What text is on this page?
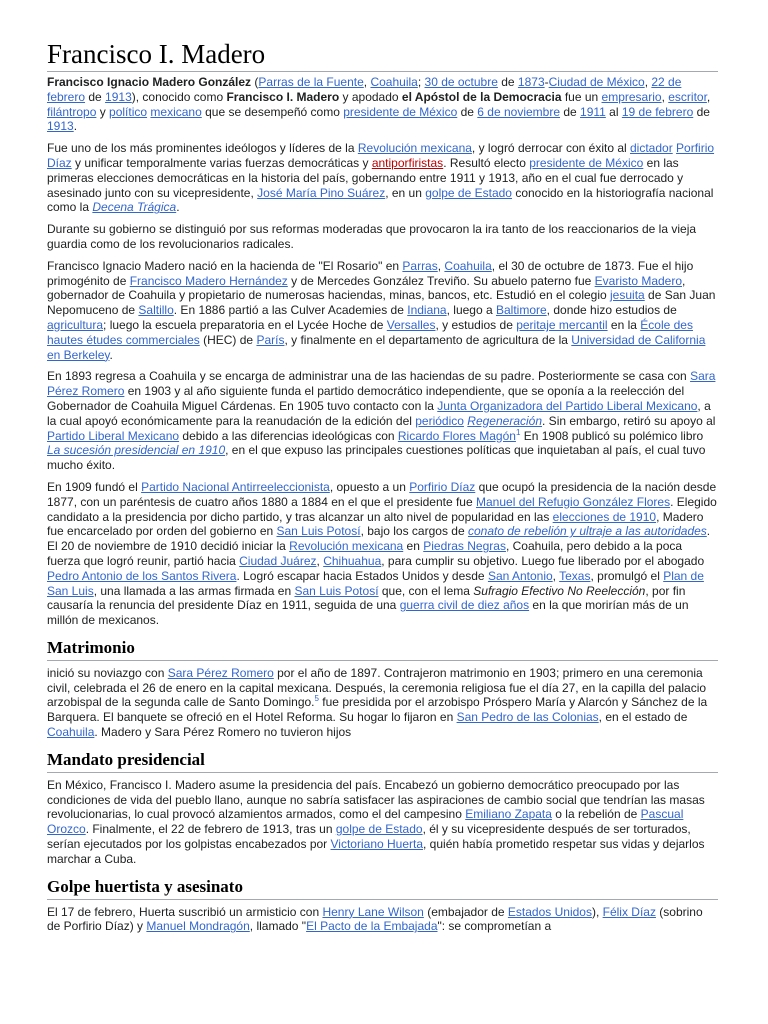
Francisco I. Madero

Francisco Ignacio Madero González (Parras de la Fuente, Coahuila; 30 de octubre de 1873-Ciudad de México, 22 de febrero de 1913), conocido como Francisco I. Madero y apodado el Apóstol de la Democracia fue un empresario, escritor, filántropo y político mexicano que se desempeñó como presidente de México de 6 de noviembre de 1911 al 19 de febrero de 1913.

Fue uno de los más prominentes ideólogos y líderes de la Revolución mexicana, y logró derrocar con éxito al dictador Porfirio Díaz y unificar temporalmente varias fuerzas democráticas y antiporfiristas. Resultó electo presidente de México en las primeras elecciones democráticas en la historia del país, gobernando entre 1911 y 1913, año en el cual fue derrocado y asesinado junto con su vicepresidente, José María Pino Suárez, en un golpe de Estado conocido en la historiografía nacional como la Decena Trágica.

Durante su gobierno se distinguió por sus reformas moderadas que provocaron la ira tanto de los reaccionarios de la vieja guardia como de los revolucionarios radicales.

Francisco Ignacio Madero nació en la hacienda de "El Rosario" en Parras, Coahuila, el 30 de octubre de 1873. Fue el hijo primogénito de Francisco Madero Hernández y de Mercedes González Treviño. Su abuelo paterno fue Evaristo Madero, gobernador de Coahuila y propietario de numerosas haciendas, minas, bancos, etc. Estudió en el colegio jesuita de San Juan Nepomuceno de Saltillo. En 1886 partió a las Culver Academies de Indiana, luego a Baltimore, donde hizo estudios de agricultura; luego la escuela preparatoria en el Lycée Hoche de Versalles, y estudios de peritaje mercantil en la École des hautes études commerciales (HEC) de París, y finalmente en el departamento de agricultura de la Universidad de California en Berkeley.

En 1893 regresa a Coahuila y se encarga de administrar una de las haciendas de su padre. Posteriormente se casa con Sara Pérez Romero en 1903 y al año siguiente funda el partido democrático independiente, que se oponía a la reelección del Gobernador de Coahuila Miguel Cárdenas. En 1905 tuvo contacto con la Junta Organizadora del Partido Liberal Mexicano, a la cual apoyó económicamente para la reanudación de la edición del periódico Regeneración. Sin embargo, retiró su apoyo al Partido Liberal Mexicano debido a las diferencias ideológicas con Ricardo Flores Magón$^1$ En 1908 publicó su polémico libro La sucesión presidencial en 1910, en el que expuso las principales cuestiones políticas que inquietaban al país, el cual tuvo mucho éxito.

En 1909 fundó el Partido Nacional Antirreeleccionista, opuesto a un Porfirio Díaz que ocupó la presidencia de la nación desde 1877, con un paréntesis de cuatro años 1880 a 1884 en el que el presidente fue Manuel del Refugio González Flores. Elegido candidato a la presidencia por dicho partido, y tras alcanzar un alto nivel de popularidad en las elecciones de 1910, Madero fue encarcelado por orden del gobierno en San Luis Potosí, bajo los cargos de conato de rebelión y ultraje a las autoridades. El 20 de noviembre de 1910 decidió iniciar la Revolución mexicana en Piedras Negras, Coahuila, pero debido a la poca fuerza que logró reunir, partió hacia Ciudad Juárez, Chihuahua, para cumplir su objetivo. Luego fue liberado por el abogado Pedro Antonio de los Santos Rivera. Logró escapar hacia Estados Unidos y desde San Antonio, Texas, promulgó el Plan de San Luis, una llamada a las armas firmada en San Luis Potosí que, con el lema Sufragio Efectivo No Reelección, por fin causaría la renuncia del presidente Díaz en 1911, seguida de una guerra civil de diez años en la que morirían más de un millón de mexicanos.

Matrimonio

inició su noviazgo con Sara Pérez Romero por el año de 1897. Contrajeron matrimonio en 1903; primero en una ceremonia civil, celebrada el 26 de enero en la capital mexicana. Después, la ceremonia religiosa fue el día 27, en la capilla del palacio arzobispal de la segunda calle de Santo Domingo.$^5$ fue presidida por el arzobispo Próspero María y Alarcón y Sánchez de la Barquera. El banquete se ofreció en el Hotel Reforma. Su hogar lo fijaron en San Pedro de las Colonias, en el estado de Coahuila. Madero y Sara Pérez Romero no tuvieron hijos

Mandato presidencial

En México, Francisco I. Madero asume la presidencia del país. Encabezó un gobierno democrático preocupado por las condiciones de vida del pueblo llano, aunque no sabría satisfacer las aspiraciones de cambio social que tendrían las masas revolucionarias, lo cual provocó alzamientos armados, como el del campesino Emiliano Zapata o la rebelión de Pascual Orozco. Finalmente, el 22 de febrero de 1913, tras un golpe de Estado, él y su vicepresidente después de ser torturados, serían ejecutados por los golpistas encabezados por Victoriano Huerta, quién había prometido respetar sus vidas y dejarlos marchar a Cuba.

Golpe huertista y asesinato

El 17 de febrero, Huerta suscribió un armisticio con Henry Lane Wilson (embajador de Estados Unidos), Félix Díaz (sobrino de Porfirio Díaz) y Manuel Mondragón, llamado "El Pacto de la Embajada": se comprometían a
